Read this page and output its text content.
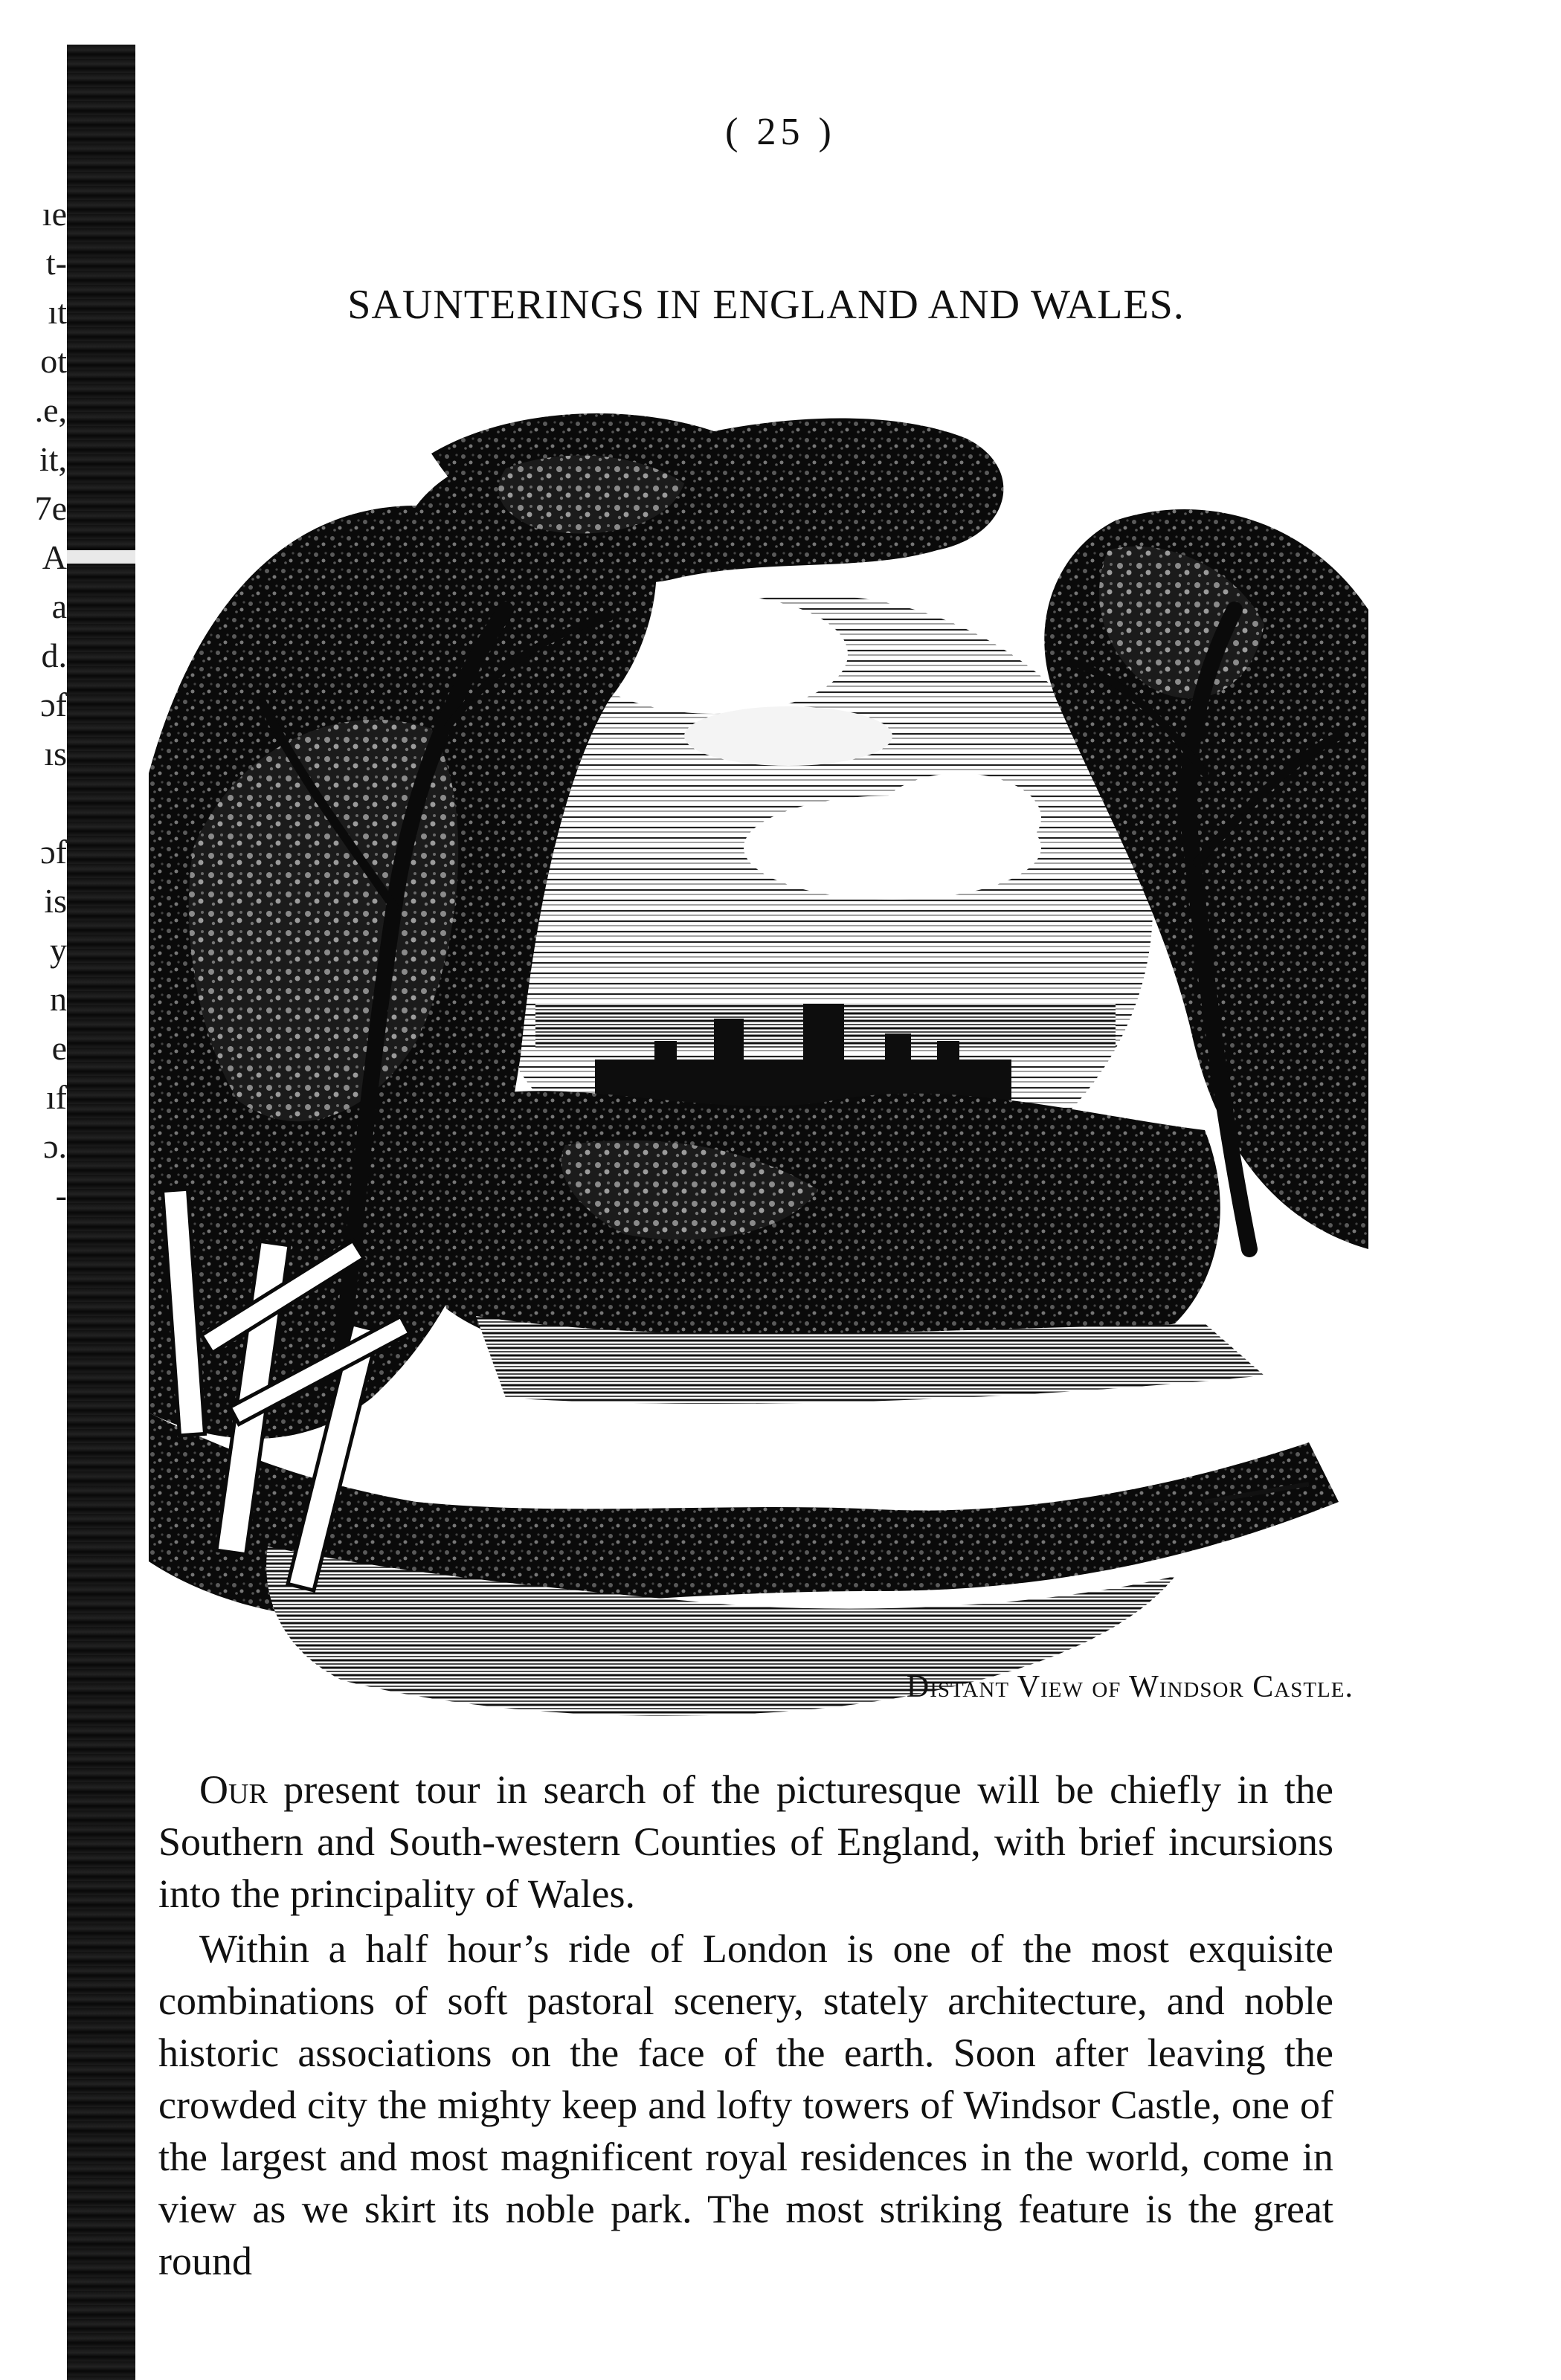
ıe
t-
ıt
ot
.e,
it,
7e
A
a
d.
ɔf
ıs
ɔf
is
y
n
e
ıf
ɔ.
-
( 25 )
SAUNTERINGS IN ENGLAND AND WALES.
Distant View of Windsor Castle.

Our present tour in search of the picturesque will be chiefly in the Southern and South-western Counties of England, with brief incursions into the principality of Wales.

Within a half hour’s ride of London is one of the most exquisite combinations of soft pastoral scenery, stately architecture, and noble historic associations on the face of the earth. Soon after leaving the crowded city the mighty keep and lofty towers of Windsor Castle, one of the largest and most magnificent royal residences in the world, come in view as we skirt its noble park. The most striking feature is the great round
